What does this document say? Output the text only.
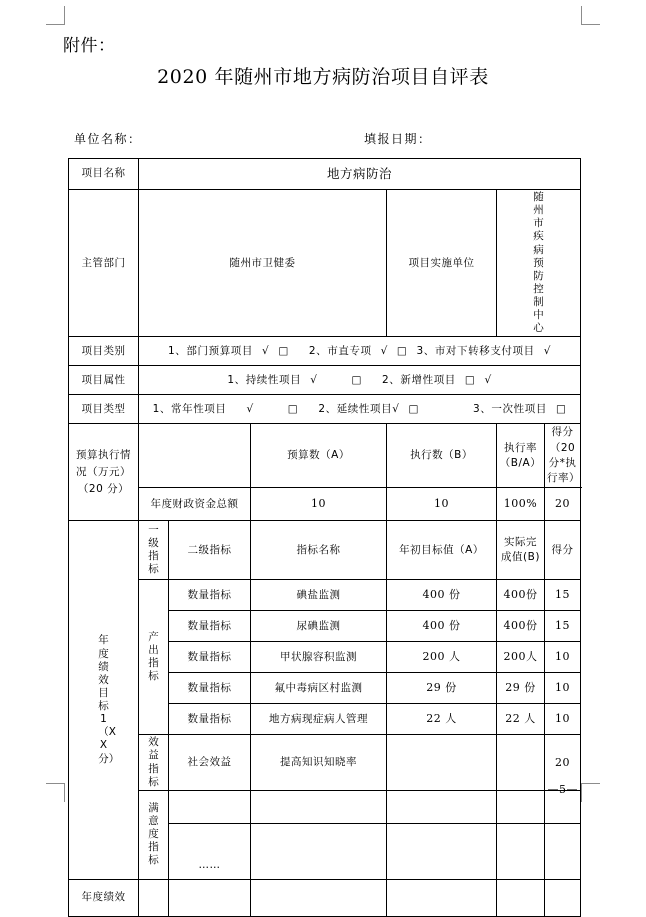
附件：
2020 年随州市地方病防治项目自评表
单位名称：	填报日期：
项目名称	地方病防治					
主管部门	随州市卫健委			项目实施单位	随州市疾病预防控制中心	

项目类别	1、部门预算项目 √ □ 2、市直专项 √ □ 3、市对下转移支付项目 √					

项目属性	1、持续性项目 √ □ 2、新增性项目 □ √					

项目类型	1、常年性项目 √ □ 2、延续性项目√ □ 3、一次性项目 □					

预算执行情况（万元）（20 分）			预算数（A）	执行数（B）	执行率（B/A）	得分（20 分*执行率）
	年度财政资金总额		10	10	100%	20

年度绩效目标1（XX分）	一级指标	二级指标	指标名称	年初目标值（A）	实际完成值(B)	得分

	产出指标	数量指标	碘盐监测	400 份	400份	15
		数量指标	尿碘监测	400 份	400份	15
		数量指标	甲状腺容积监测	200 人	200人	10
		数量指标	氟中毒病区村监测	29 份	29 份	10
		数量指标	地方病现症病人管理	22 人	22 人	10

	效益指标	社会效益	提高知识知晓率			20

	满意度指标					

		……				
年度绩效						
—5—
